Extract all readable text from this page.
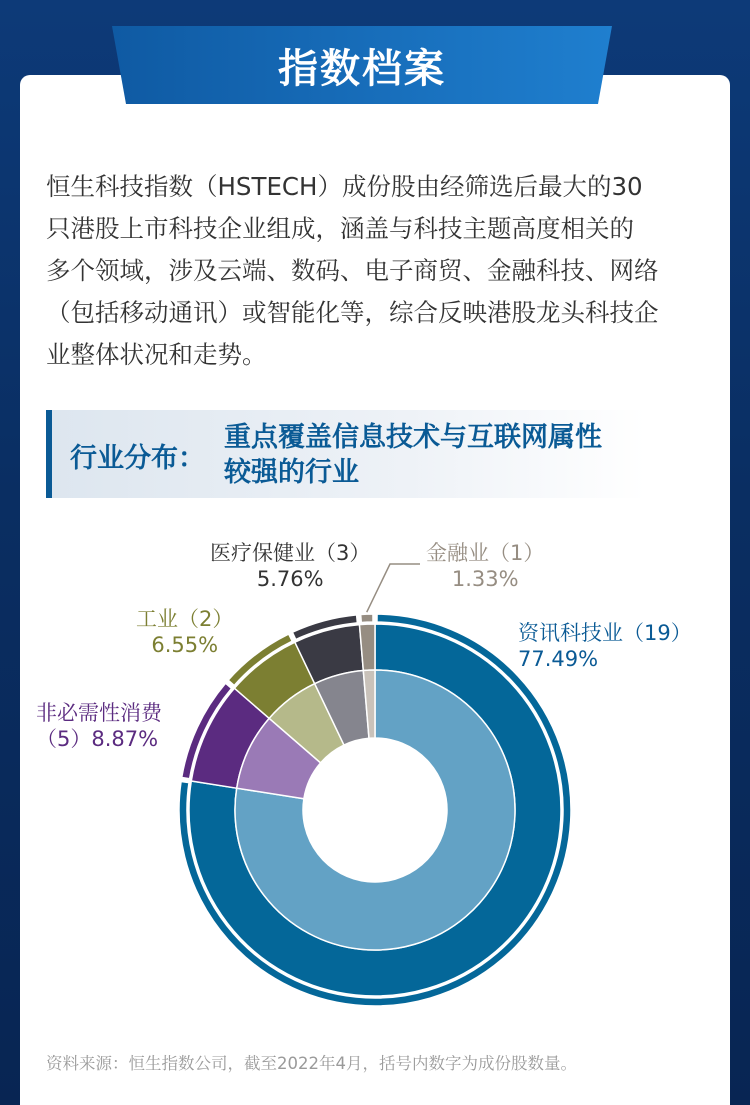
指数档案
恒生科技指数（HSTECH）成份股由经筛选后最大的30
只港股上市科技企业组成，涵盖与科技主题高度相关的
多个领域，涉及云端、数码、电子商贸、金融科技、网络
（包括移动通讯）或智能化等，综合反映港股龙头科技企
业整体状况和走势。
行业分布：
重点覆盖信息技术与互联网属性
较强的行业
资讯科技业（19）
77.49%
非必需性消费
（5）8.87%
工业（2）
6.55%
医疗保健业（3）
5.76%
金融业（1）
1.33%
资料来源：恒生指数公司，截至2022年4月，括号内数字为成份股数量。
